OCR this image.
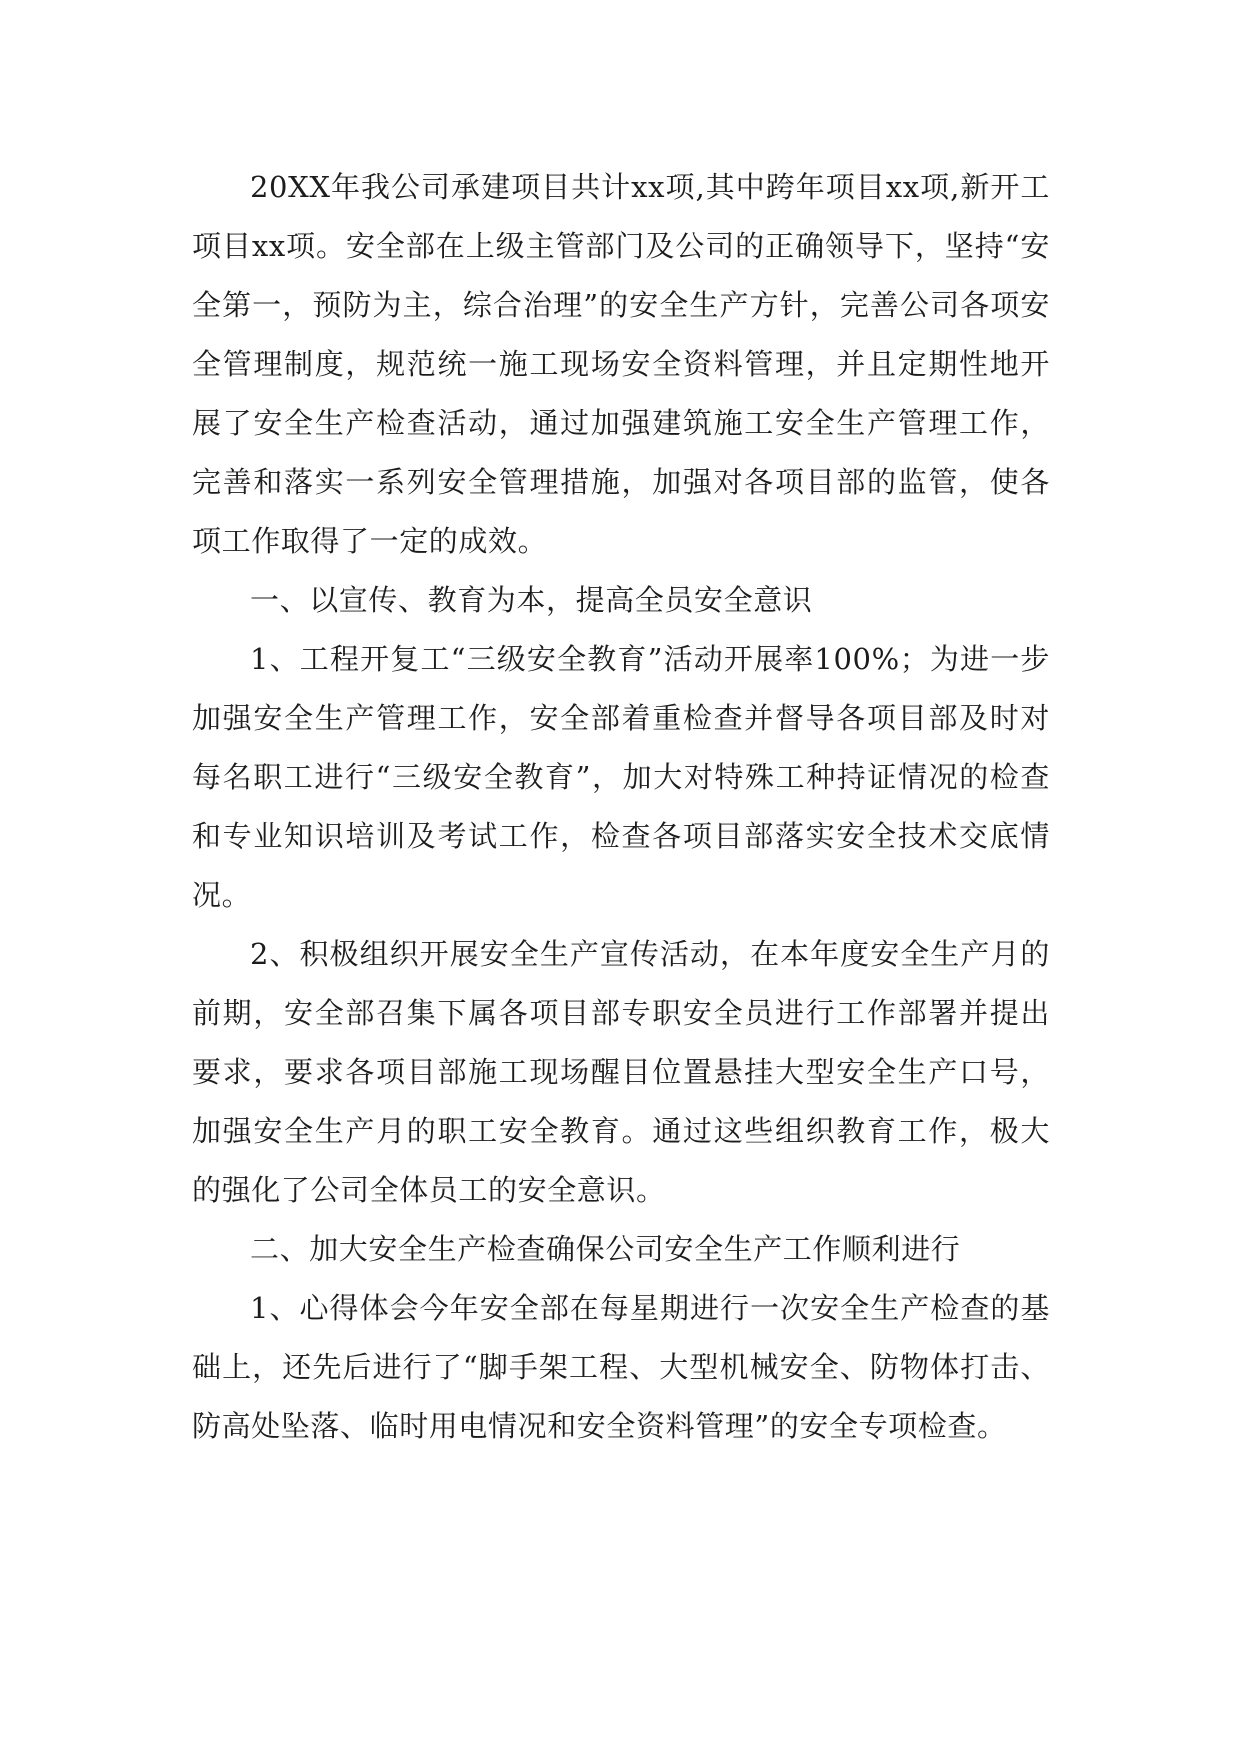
20XX年我公司承建项目共计xx项,其中跨年项目xx项,新开工项目xx项。安全部在上级主管部门及公司的正确领导下，坚持“安全第一，预防为主，综合治理”的安全生产方针，完善公司各项安全管理制度，规范统一施工现场安全资料管理，并且定期性地开展了安全生产检查活动，通过加强建筑施工安全生产管理工作，完善和落实一系列安全管理措施，加强对各项目部的监管，使各项工作取得了一定的成效。

一、以宣传、教育为本，提高全员安全意识

1、工程开复工“三级安全教育”活动开展率100%；为进一步加强安全生产管理工作，安全部着重检查并督导各项目部及时对每名职工进行“三级安全教育”，加大对特殊工种持证情况的检查和专业知识培训及考试工作，检查各项目部落实安全技术交底情况。

2、积极组织开展安全生产宣传活动，在本年度安全生产月的前期，安全部召集下属各项目部专职安全员进行工作部署并提出要求，要求各项目部施工现场醒目位置悬挂大型安全生产口号，加强安全生产月的职工安全教育。通过这些组织教育工作，极大的强化了公司全体员工的安全意识。

二、加大安全生产检查确保公司安全生产工作顺利进行

1、心得体会今年安全部在每星期进行一次安全生产检查的基础上，还先后进行了“脚手架工程、大型机械安全、防物体打击、防高处坠落、临时用电情况和安全资料管理”的安全专项检查。
